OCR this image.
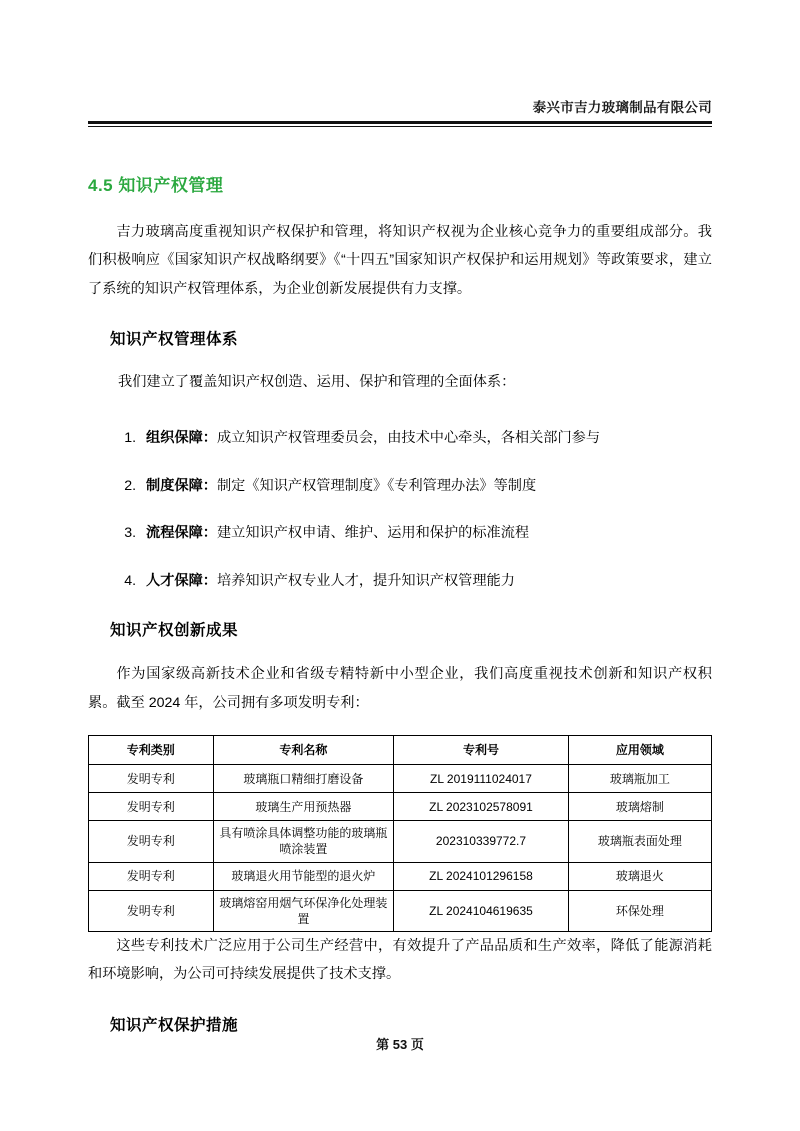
泰兴市吉力玻璃制品有限公司
4.5 知识产权管理

吉力玻璃高度重视知识产权保护和管理，将知识产权视为企业核心竞争力的重要组成部分。我们积极响应《国家知识产权战略纲要》《“十四五”国家知识产权保护和运用规划》等政策要求，建立了系统的知识产权管理体系，为企业创新发展提供有力支撑。

知识产权管理体系

我们建立了覆盖知识产权创造、运用、保护和管理的全面体系：

1. 组织保障：成立知识产权管理委员会，由技术中心牵头，各相关部门参与
2. 制度保障：制定《知识产权管理制度》《专利管理办法》等制度
3. 流程保障：建立知识产权申请、维护、运用和保护的标准流程
4. 人才保障：培养知识产权专业人才，提升知识产权管理能力
知识产权创新成果

作为国家级高新技术企业和省级专精特新中小型企业，我们高度重视技术创新和知识产权积累。截至 2024 年，公司拥有多项发明专利：

专利类别	专利名称	专利号	应用领域
发明专利	玻璃瓶口精细打磨设备	ZL 2019111024017	玻璃瓶加工
发明专利	玻璃生产用预热器	ZL 2023102578091	玻璃熔制
发明专利	具有喷涂具体调整功能的玻璃瓶喷涂装置	202310339772.7	玻璃瓶表面处理
发明专利	玻璃退火用节能型的退火炉	ZL 2024101296158	玻璃退火
发明专利	玻璃熔窑用烟气环保净化处理装置	ZL 2024104619635	环保处理

这些专利技术广泛应用于公司生产经营中，有效提升了产品品质和生产效率，降低了能源消耗和环境影响，为公司可持续发展提供了技术支撑。

知识产权保护措施
第 53 页
